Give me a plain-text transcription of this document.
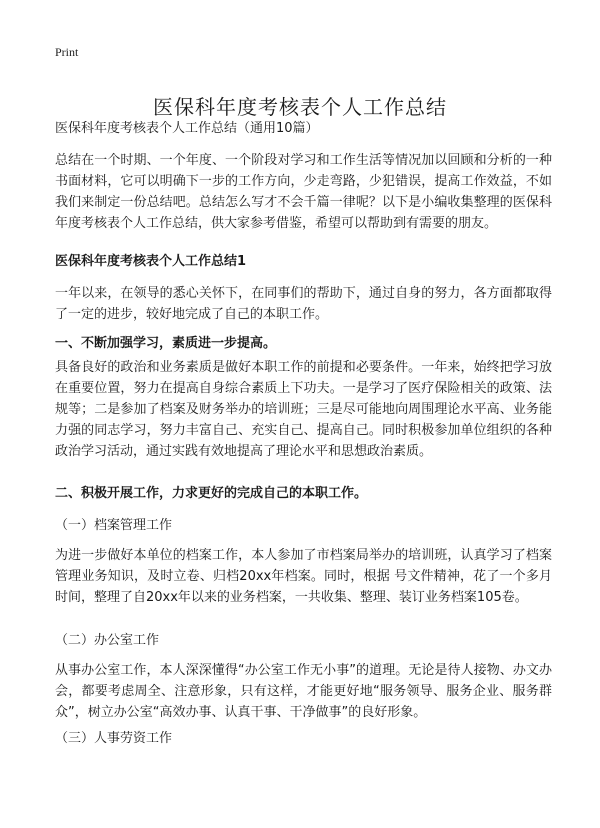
Print
医保科年度考核表个人工作总结

医保科年度考核表个人工作总结（通用10篇）

总结在一个时期、一个年度、一个阶段对学习和工作生活等情况加以回顾和分析的一种书面材料，它可以明确下一步的工作方向，少走弯路，少犯错误，提高工作效益，不如我们来制定一份总结吧。总结怎么写才不会千篇一律呢？以下是小编收集整理的医保科年度考核表个人工作总结，供大家参考借鉴，希望可以帮助到有需要的朋友。

医保科年度考核表个人工作总结1

一年以来，在领导的悉心关怀下，在同事们的帮助下，通过自身的努力，各方面都取得了一定的进步，较好地完成了自己的本职工作。

一、不断加强学习，素质进一步提高。

具备良好的政治和业务素质是做好本职工作的前提和必要条件。一年来，始终把学习放在重要位置，努力在提高自身综合素质上下功夫。一是学习了医疗保险相关的政策、法规等；二是参加了档案及财务举办的培训班；三是尽可能地向周围理论水平高、业务能力强的同志学习，努力丰富自己、充实自己、提高自己。同时积极参加单位组织的各种政治学习活动，通过实践有效地提高了理论水平和思想政治素质。

二、积极开展工作，力求更好的完成自己的本职工作。

（一）档案管理工作

为进一步做好本单位的档案工作，本人参加了市档案局举办的培训班，认真学习了档案管理业务知识，及时立卷、归档20xx年档案。同时，根据 号文件精神，花了一个多月时间，整理了自20xx年以来的业务档案，一共收集、整理、装订业务档案105卷。

（二）办公室工作

从事办公室工作，本人深深懂得“办公室工作无小事”的道理。无论是待人接物、办文办会，都要考虑周全、注意形象，只有这样，才能更好地“服务领导、服务企业、服务群众”，树立办公室“高效办事、认真干事、干净做事”的良好形象。

（三）人事劳资工作
